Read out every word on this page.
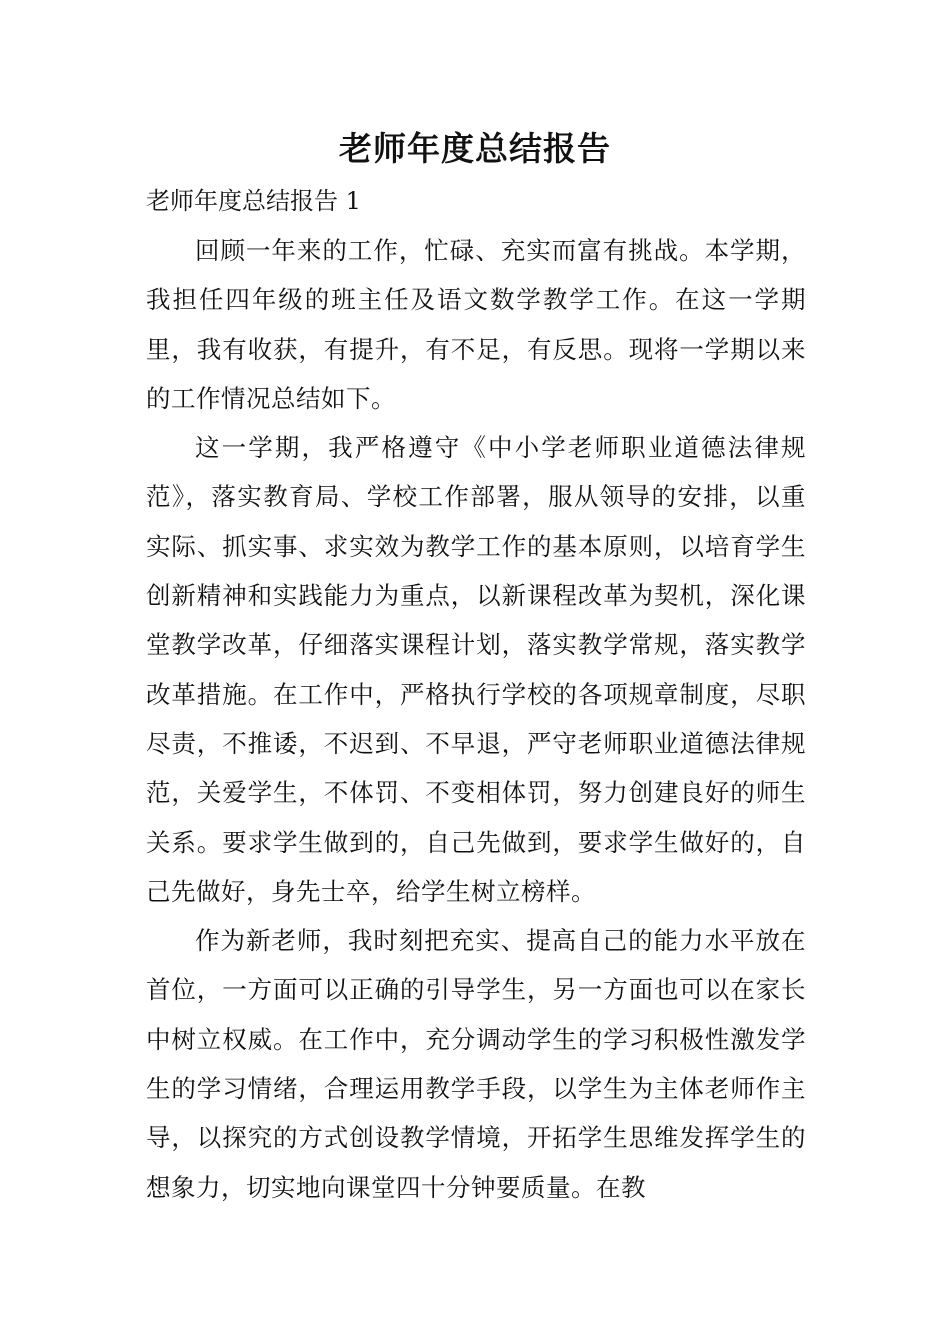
老师年度总结报告
老师年度总结报告 1

回顾一年来的工作，忙碌、充实而富有挑战。本学期，我担任四年级的班主任及语文数学教学工作。在这一学期里，我有收获，有提升，有不足，有反思。现将一学期以来的工作情况总结如下。

这一学期，我严格遵守《中小学老师职业道德法律规范》，落实教育局、学校工作部署，服从领导的安排，以重实际、抓实事、求实效为教学工作的基本原则，以培育学生创新精神和实践能力为重点，以新课程改革为契机，深化课堂教学改革，仔细落实课程计划，落实教学常规，落实教学改革措施。在工作中，严格执行学校的各项规章制度，尽职尽责，不推诿，不迟到、不早退，严守老师职业道德法律规范，关爱学生，不体罚、不变相体罚，努力创建良好的师生关系。要求学生做到的，自己先做到，要求学生做好的，自己先做好，身先士卒，给学生树立榜样。

作为新老师，我时刻把充实、提高自己的能力水平放在首位，一方面可以正确的引导学生，另一方面也可以在家长中树立权威。在工作中，充分调动学生的学习积极性激发学生的学习情绪，合理运用教学手段，以学生为主体老师作主导，以探究的方式创设教学情境，开拓学生思维发挥学生的想象力，切实地向课堂四十分钟要质量。在教
